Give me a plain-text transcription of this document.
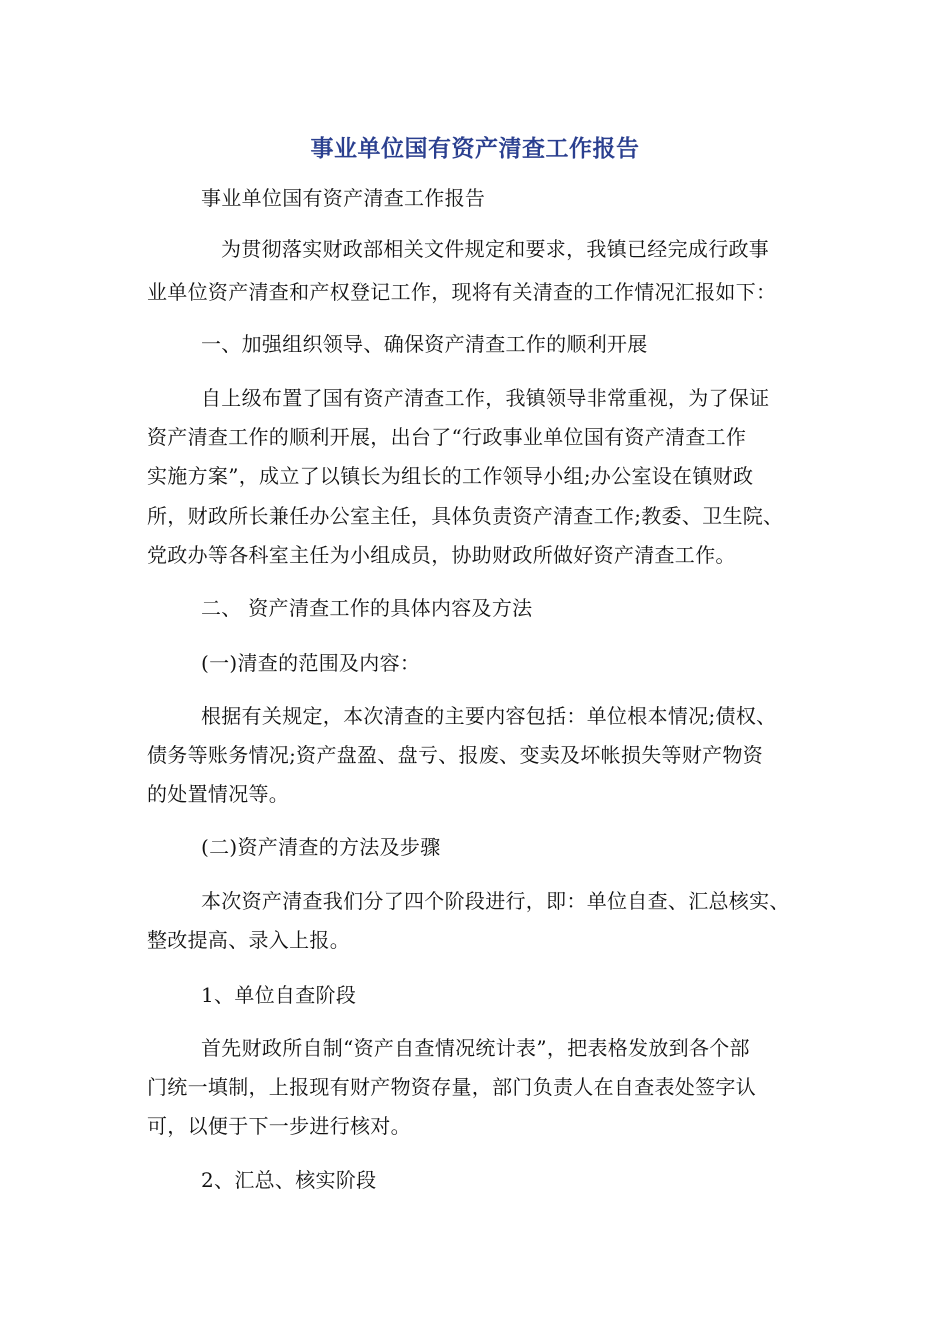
事业单位国有资产清查工作报告
事业单位国有资产清查工作报告
为贯彻落实财政部相关文件规定和要求，我镇已经完成行政事
业单位资产清查和产权登记工作，现将有关清查的工作情况汇报如下：
一、加强组织领导、确保资产清查工作的顺利开展
自上级布置了国有资产清查工作，我镇领导非常重视，为了保证
资产清查工作的顺利开展，出台了“行政事业单位国有资产清查工作
实施方案”，成立了以镇长为组长的工作领导小组;办公室设在镇财政
所，财政所长兼任办公室主任，具体负责资产清查工作;教委、卫生院、
党政办等各科室主任为小组成员，协助财政所做好资产清查工作。
二、 资产清查工作的具体内容及方法
(一)清查的范围及内容：
根据有关规定，本次清查的主要内容包括：单位根本情况;债权、
债务等账务情况;资产盘盈、盘亏、报废、变卖及坏帐损失等财产物资
的处置情况等。
(二)资产清查的方法及步骤
本次资产清查我们分了四个阶段进行，即：单位自查、汇总核实、
整改提高、录入上报。
1、单位自查阶段
首先财政所自制“资产自查情况统计表”，把表格发放到各个部
门统一填制，上报现有财产物资存量，部门负责人在自查表处签字认
可，以便于下一步进行核对。
2、汇总、核实阶段
